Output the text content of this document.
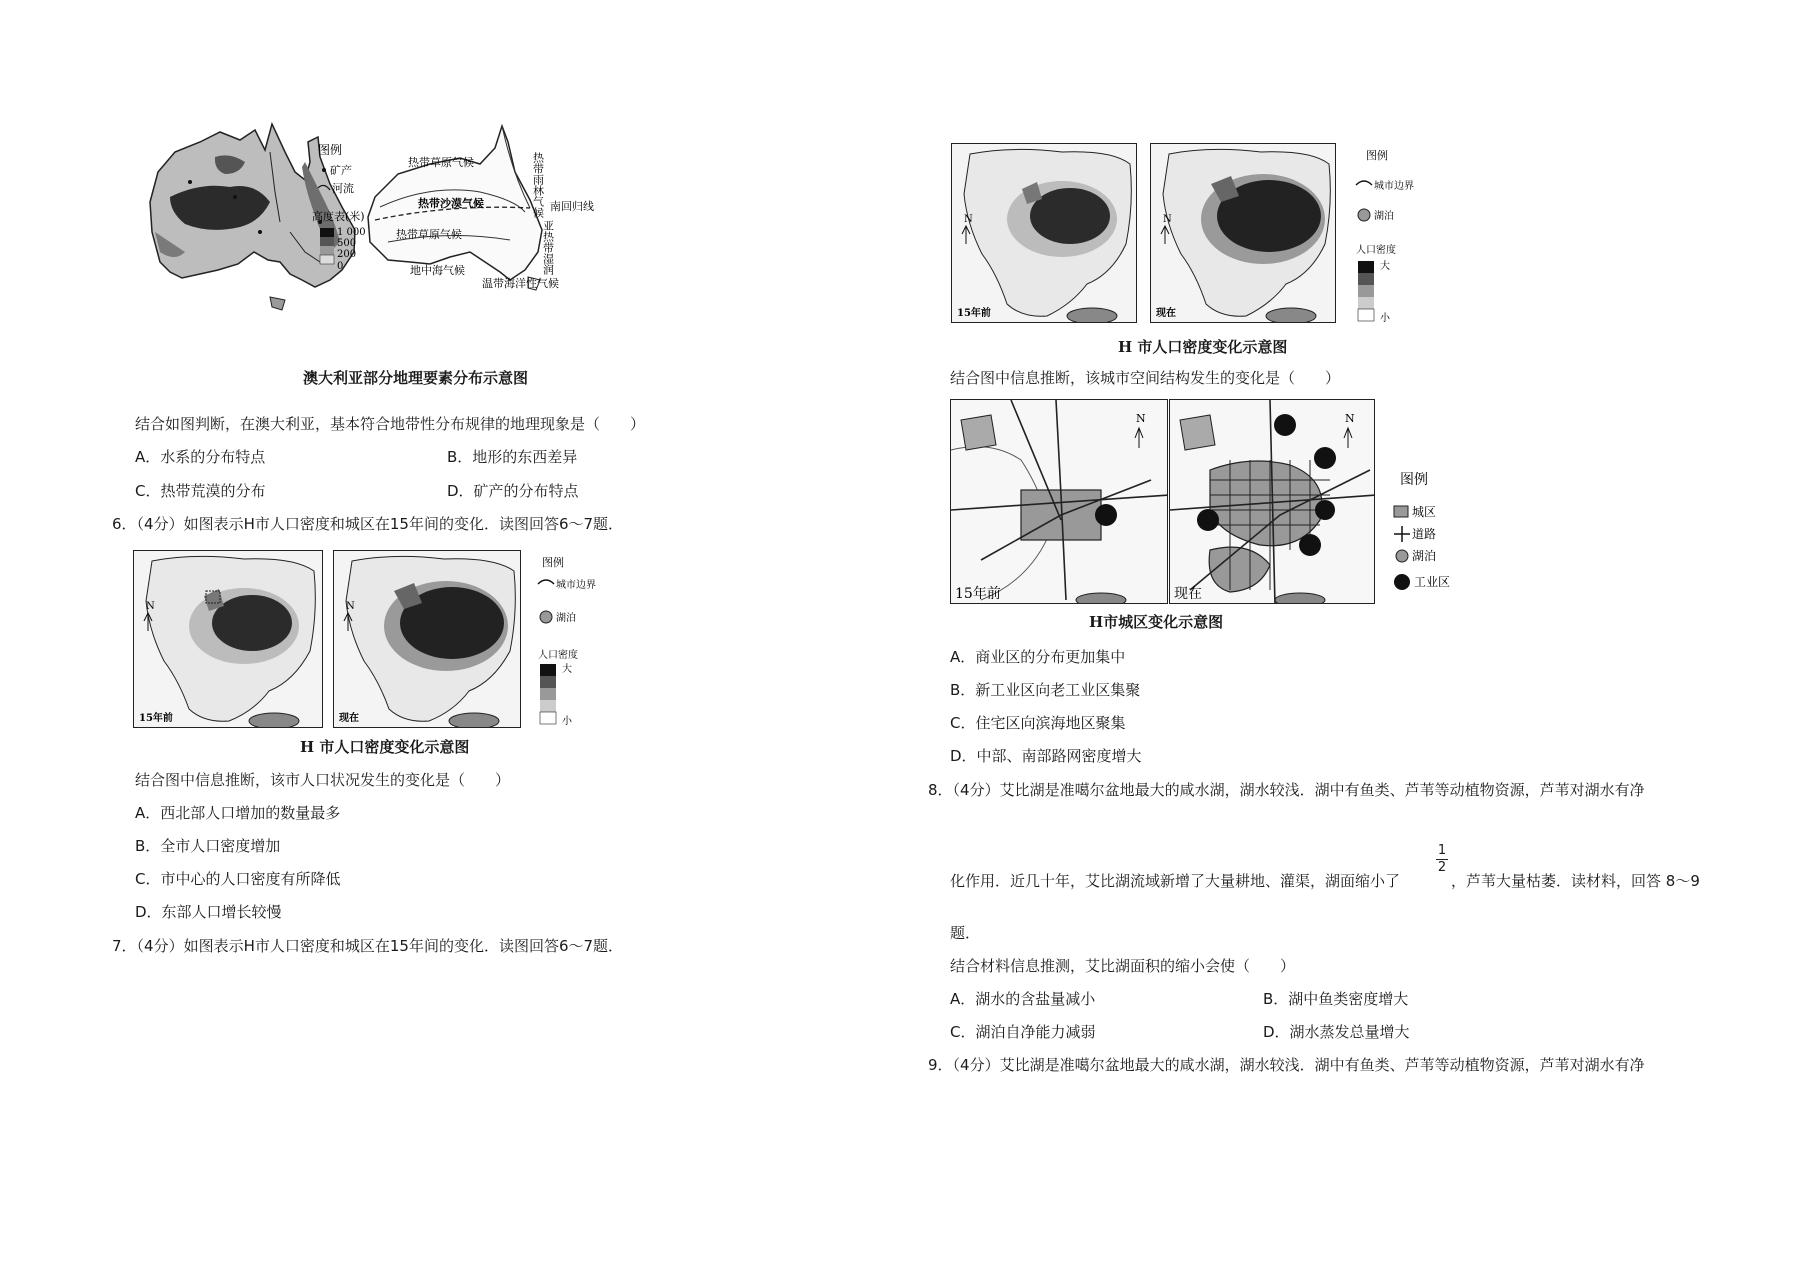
图例
矿产
河流
高度表(米)
1 000
500
200
0
热带草原气候
热带沙漠气候
热带草原气候
南回归线
地中海气候
温带海洋性气候
热带雨林气候
亚热带湿润
澳大利亚部分地理要素分布示意图
结合如图判断，在澳大利亚，基本符合地带性分布规律的地理现象是（　　）
A．水系的分布特点	B．地形的东西差异
C．热带荒漠的分布	D．矿产的分布特点
6．（4分）如图表示H市人口密度和城区在15年间的变化．读图回答6～7题．
N
15年前
N
现在
图例
城市边界
湖泊
人口密度
大
小
H 市人口密度变化示意图
结合图中信息推断，该市人口状况发生的变化是（　　）
A．西北部人口增加的数量最多
B．全市人口密度增加
C．市中心的人口密度有所降低
D．东部人口增长较慢
7．（4分）如图表示H市人口密度和城区在15年间的变化．读图回答6～7题．
N
15年前
N
现在
图例
城市边界
湖泊
人口密度
大
小
H 市人口密度变化示意图
结合图中信息推断，该城市空间结构发生的变化是（　　）
N
15年前
N
现在
图例
城区
道路
湖泊
工业区
H市城区变化示意图
A．商业区的分布更加集中
B．新工业区向老工业区集聚
C．住宅区向滨海地区聚集
D．中部、南部路网密度增大
8．（4分）艾比湖是准噶尔盆地最大的咸水湖，湖水较浅．湖中有鱼类、芦苇等动植物资源，芦苇对湖水有净
化作用．近几十年，艾比湖流域新增了大量耕地、灌渠，湖面缩小了
1
2
，芦苇大量枯萎．读材料，回答 8～9
题．
结合材料信息推测，艾比湖面积的缩小会使（　　）
A．湖水的含盐量减小	B．湖中鱼类密度增大
C．湖泊自净能力减弱	D．湖水蒸发总量增大
9．（4分）艾比湖是准噶尔盆地最大的咸水湖，湖水较浅．湖中有鱼类、芦苇等动植物资源，芦苇对湖水有净
